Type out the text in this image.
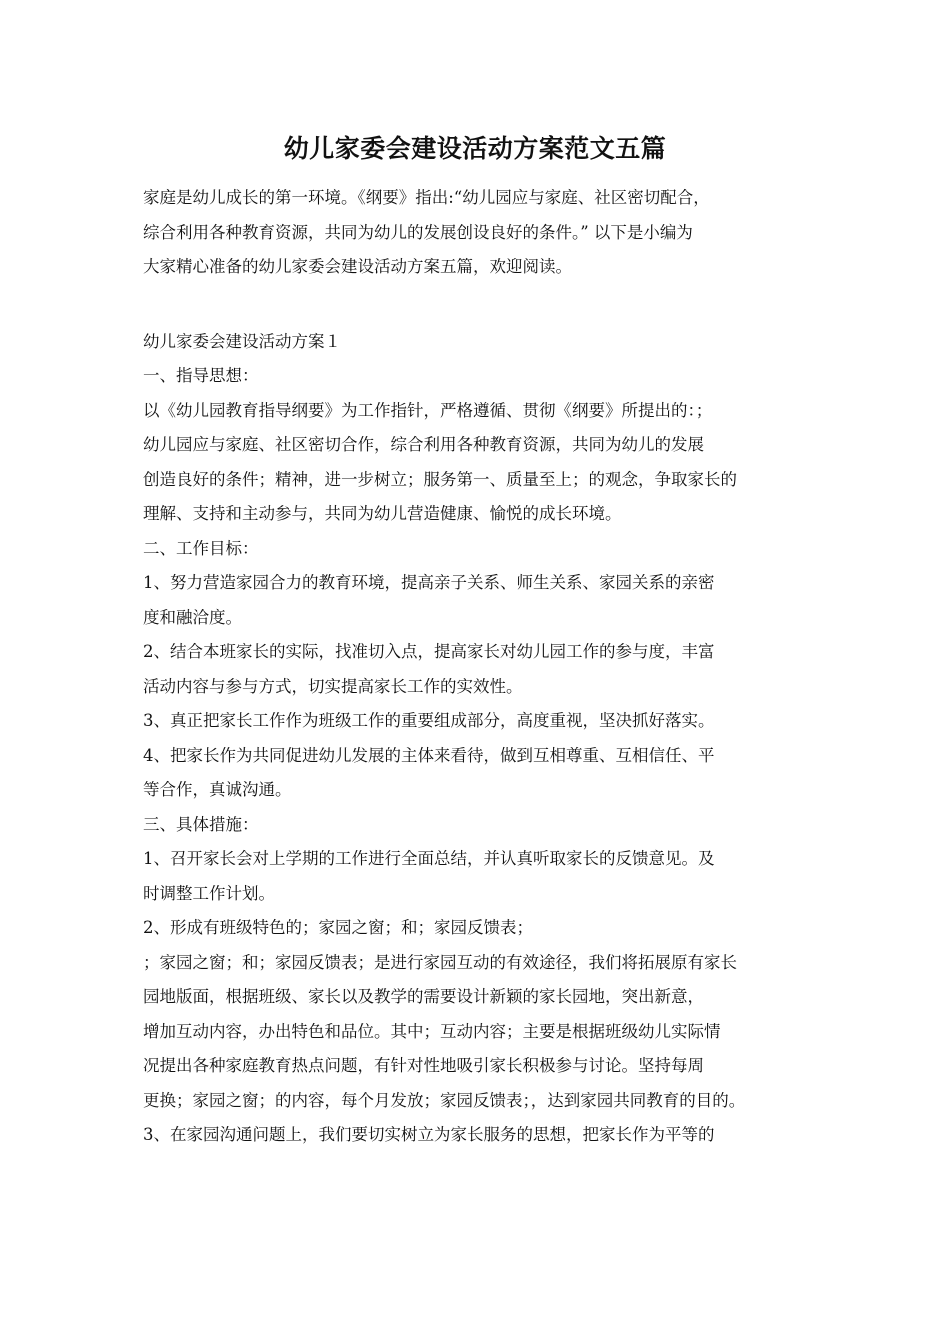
幼儿家委会建设活动方案范文五篇
家庭是幼儿成长的第一环境。《纲要》指出:“幼儿园应与家庭、社区密切配合，
综合利用各种教育资源，共同为幼儿的发展创设良好的条件。” 以下是小编为
大家精心准备的幼儿家委会建设活动方案五篇，欢迎阅读。
幼儿家委会建设活动方案１
一、指导思想：
以《幼儿园教育指导纲要》为工作指针，严格遵循、贯彻《纲要》所提出的：；
幼儿园应与家庭、社区密切合作，综合利用各种教育资源，共同为幼儿的发展
创造良好的条件；精神，进一步树立；服务第一、质量至上；的观念，争取家长的
理解、支持和主动参与，共同为幼儿营造健康、愉悦的成长环境。
二、工作目标：
1、努力营造家园合力的教育环境，提高亲子关系、师生关系、家园关系的亲密
度和融洽度。
2、结合本班家长的实际，找准切入点，提高家长对幼儿园工作的参与度，丰富
活动内容与参与方式，切实提高家长工作的实效性。
3、真正把家长工作作为班级工作的重要组成部分，高度重视，坚决抓好落实。
4、把家长作为共同促进幼儿发展的主体来看待，做到互相尊重、互相信任、平
等合作，真诚沟通。
三、具体措施：
1、召开家长会对上学期的工作进行全面总结，并认真听取家长的反馈意见。及
时调整工作计划。
2、形成有班级特色的；家园之窗；和；家园反馈表；
；家园之窗；和；家园反馈表；是进行家园互动的有效途径，我们将拓展原有家长
园地版面，根据班级、家长以及教学的需要设计新颖的家长园地，突出新意，
增加互动内容，办出特色和品位。其中；互动内容；主要是根据班级幼儿实际情
况提出各种家庭教育热点问题，有针对性地吸引家长积极参与讨论。坚持每周
更换；家园之窗；的内容，每个月发放；家园反馈表；，达到家园共同教育的目的。
3、在家园沟通问题上，我们要切实树立为家长服务的思想，把家长作为平等的
